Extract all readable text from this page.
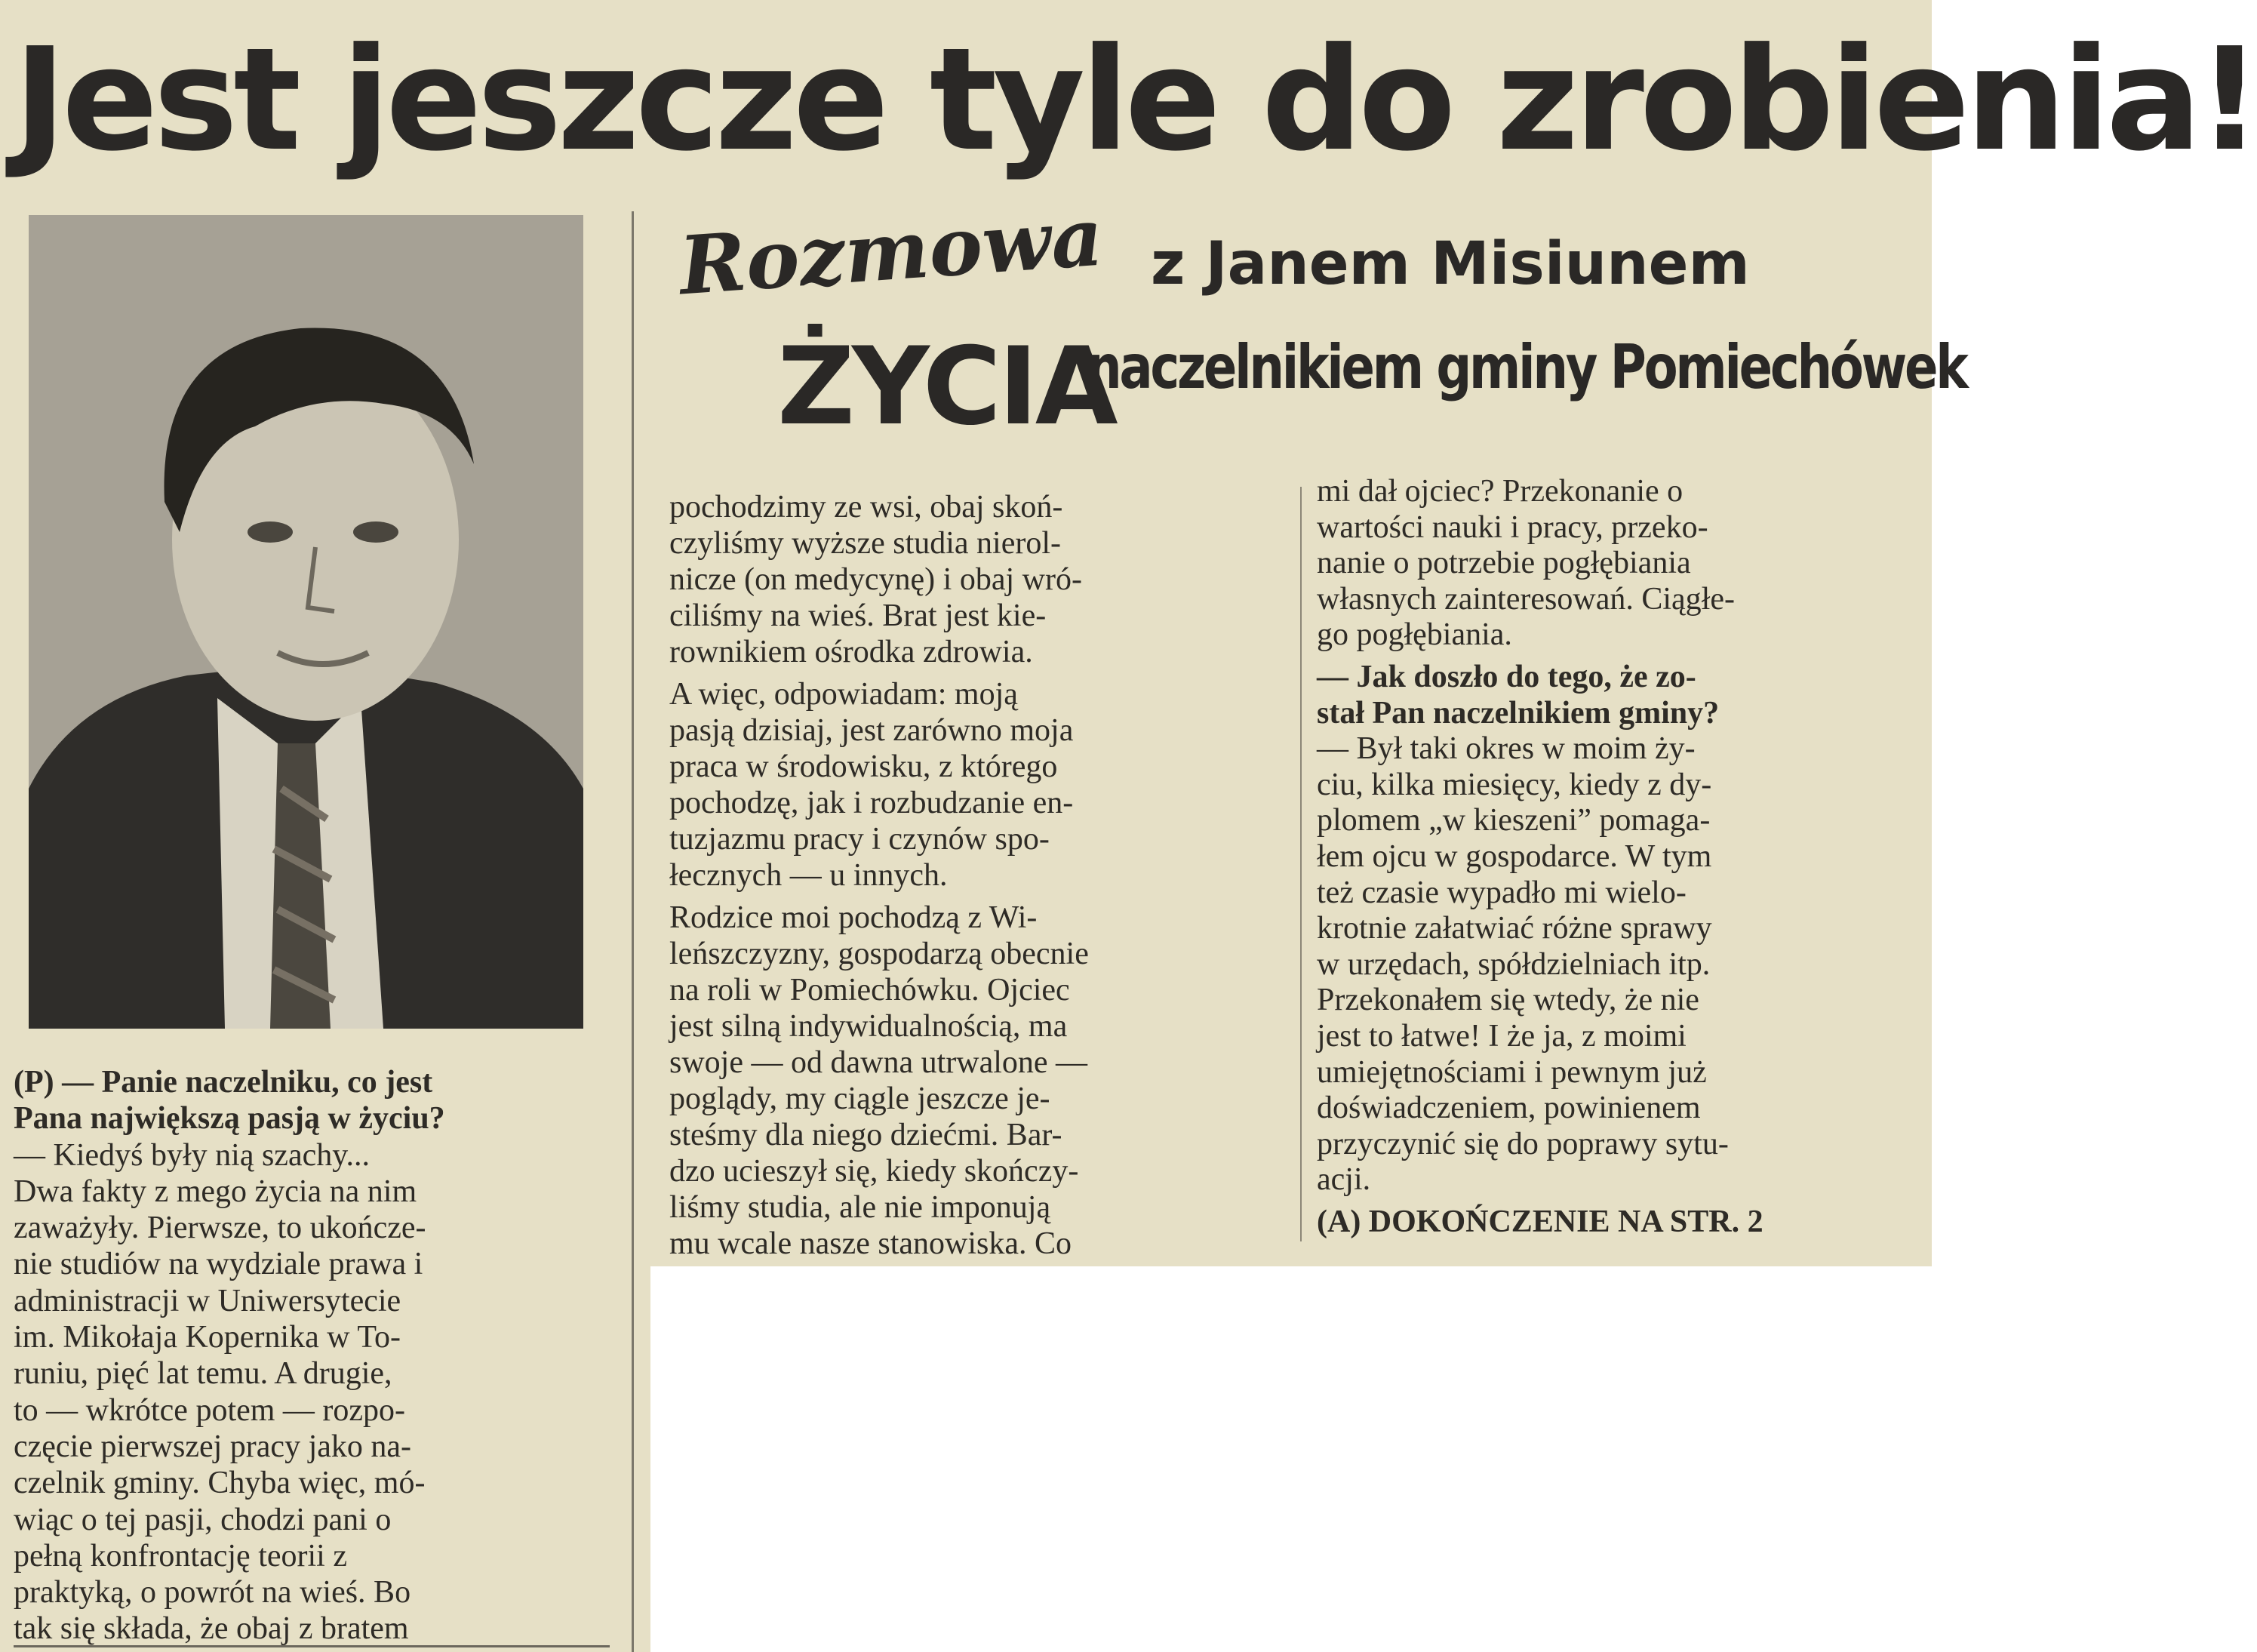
Jest jeszcze tyle do zrobienia!
Rozmowa
ŻYCIA
z Janem Misiunem
naczelnikiem gminy Pomiechówek
(P) — Panie naczelniku, co jest
Pana największą pasją w życiu?
— Kiedyś były nią szachy...
Dwa fakty z mego życia na nim
zaważyły. Pierwsze, to ukończe-
nie studiów na wydziale prawa i
administracji w Uniwersytecie
im. Mikołaja Kopernika w To-
runiu, pięć lat temu. A drugie,
to — wkrótce potem — rozpo-
częcie pierwszej pracy jako na-
czelnik gminy. Chyba więc, mó-
wiąc o tej pasji, chodzi pani o
pełną konfrontację teorii z
praktyką, o powrót na wieś. Bo
tak się składa, że obaj z bratem
pochodzimy ze wsi, obaj skoń-
czyliśmy wyższe studia nierol-
nicze (on medycynę) i obaj wró-
ciliśmy na wieś. Brat jest kie-
rownikiem ośrodka zdrowia.
A więc, odpowiadam: moją
pasją dzisiaj, jest zarówno moja
praca w środowisku, z którego
pochodzę, jak i rozbudzanie en-
tuzjazmu pracy i czynów spo-
łecznych — u innych.
Rodzice moi pochodzą z Wi-
leńszczyzny, gospodarzą obecnie
na roli w Pomiechówku. Ojciec
jest silną indywidualnością, ma
swoje — od dawna utrwalone —
poglądy, my ciągle jeszcze je-
steśmy dla niego dziećmi. Bar-
dzo ucieszył się, kiedy skończy-
liśmy studia, ale nie imponują
mu wcale nasze stanowiska. Co
mi dał ojciec? Przekonanie o
wartości nauki i pracy, przeko-
nanie o potrzebie pogłębiania
własnych zainteresowań. Ciągłe-
go pogłębiania.
— Jak doszło do tego, że zo-
stał Pan naczelnikiem gminy?
— Był taki okres w moim ży-
ciu, kilka miesięcy, kiedy z dy-
plomem „w kieszeni” pomaga-
łem ojcu w gospodarce. W tym
też czasie wypadło mi wielo-
krotnie załatwiać różne sprawy
w urzędach, spółdzielniach itp.
Przekonałem się wtedy, że nie
jest to łatwe! I że ja, z moimi
umiejętnościami i pewnym już
doświadczeniem, powinienem
przyczynić się do poprawy sytu-
acji.
(A) DOKOŃCZENIE NA STR. 2
